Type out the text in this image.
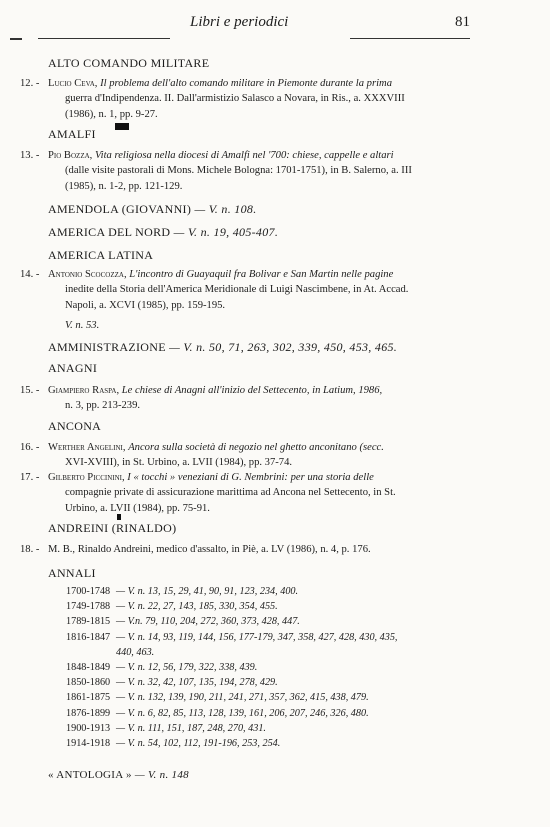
Libri e periodici	81
ALTO COMANDO MILITARE
12. - Lucio Ceva, Il problema dell'alto comando militare in Piemonte durante la prima
guerra d'Indipendenza. II. Dall'armistizio Salasco a Novara, in Ris., a. XXXVIII
(1986), n. 1, pp. 9-27.
AMALFI
13. - Pio Bozza, Vita religiosa nella diocesi di Amalfi nel '700: chiese, cappelle e altari
(dalle visite pastorali di Mons. Michele Bologna: 1701-1751), in B. Salerno, a. III
(1985), n. 1-2, pp. 121-129.
AMENDOLA (GIOVANNI) — V. n. 108.
AMERICA DEL NORD — V. n. 19, 405-407.
AMERICA LATINA
14. - Antonio Scocozza, L'incontro di Guayaquil fra Bolivar e San Martin nelle pagine
inedite della Storia dell'America Meridionale di Luigi Nascimbene, in At. Accad.
Napoli, a. XCVI (1985), pp. 159-195.
V. n. 53.
AMMINISTRAZIONE — V. n. 50, 71, 263, 302, 339, 450, 453, 465.
ANAGNI
15. - Giampiero Raspa, Le chiese di Anagni all'inizio del Settecento, in Latium, 1986,
n. 3, pp. 213-239.
ANCONA
16. - Werther Angelini, Ancora sulla società di negozio nel ghetto anconitano (secc.
XVI-XVIII), in St. Urbino, a. LVII (1984), pp. 37-74.
17. - Gilberto Piccinini, I « tocchi » veneziani di G. Nembrini: per una storia delle
compagnie private di assicurazione marittima ad Ancona nel Settecento, in St.
Urbino, a. LVII (1984), pp. 75-91.
ANDREINI (RINALDO)
18. - M. B., Rinaldo Andreini, medico d'assalto, in Piè, a. LV (1986), n. 4, p. 176.
ANNALI
1700-1748 — V. n. 13, 15, 29, 41, 90, 91, 123, 234, 400.
1749-1788 — V. n. 22, 27, 143, 185, 330, 354, 455.
1789-1815 — V.n. 79, 110, 204, 272, 360, 373, 428, 447.
1816-1847 — V. n. 14, 93, 119, 144, 156, 177-179, 347, 358, 427, 428, 430, 435,
440, 463.
1848-1849 — V. n. 12, 56, 179, 322, 338, 439.
1850-1860 — V. n. 32, 42, 107, 135, 194, 278, 429.
1861-1875 — V. n. 132, 139, 190, 211, 241, 271, 357, 362, 415, 438, 479.
1876-1899 — V. n. 6, 82, 85, 113, 128, 139, 161, 206, 207, 246, 326, 480.
1900-1913 — V. n. 111, 151, 187, 248, 270, 431.
1914-1918 — V. n. 54, 102, 112, 191-196, 253, 254.
« ANTOLOGIA » — V. n. 148
